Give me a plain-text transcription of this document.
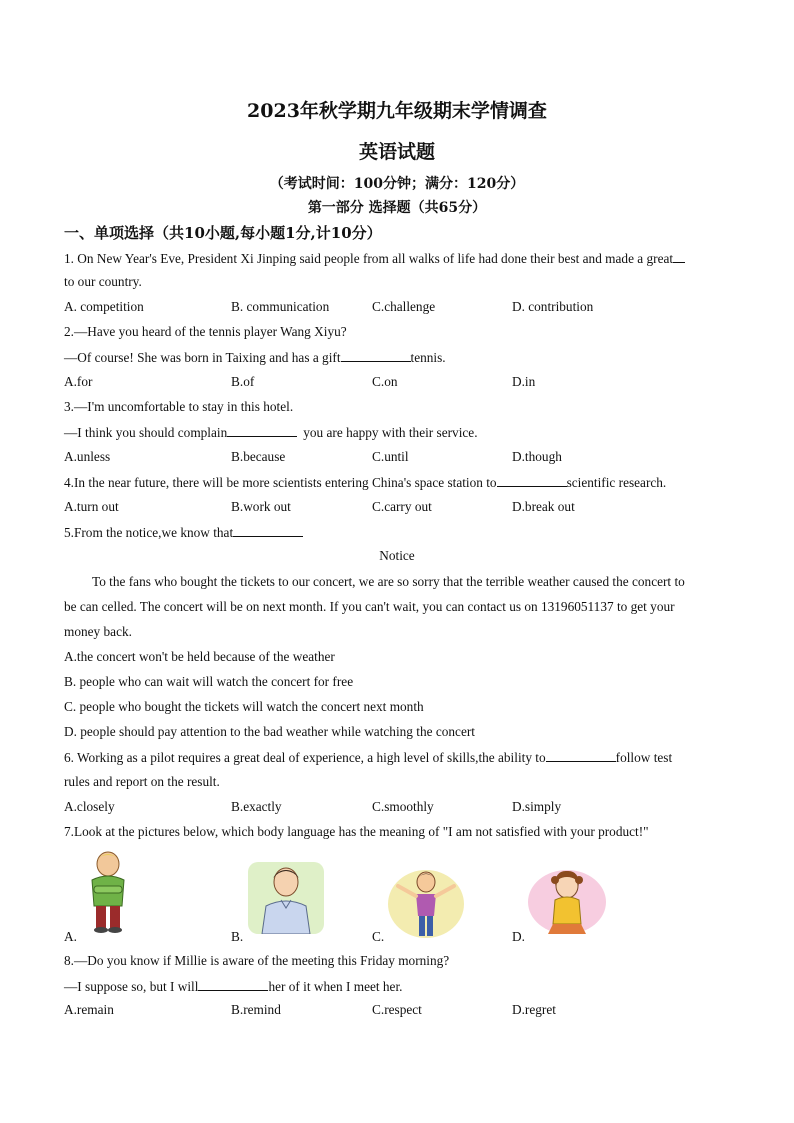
2023年秋学期九年级期末学情调查
英语试题
（考试时间：100分钟；满分：120分）
第一部分 选择题（共65分）
一、单项选择（共10小题,每小题1分,计10分）
1. On New Year's Eve, President Xi Jinping said people from all walks of life had done their best and made a great
to our country.
A. competition	B. communication	C.challenge	D. contribution
2.—Have you heard of the tennis player Wang Xiyu?
—Of course! She was born in Taixing and has a gift	tennis.
A.for	B.of	C.on	D.in
3.—I'm uncomfortable to stay in this hotel.
—I think you should complain	you are happy with their service.
A.unless	B.because	C.until	D.though
4.In the near future, there will be more scientists entering China's space station to	scientific research.
A.turn out	B.work out	C.carry out	D.break out
5.From the notice,we know that
Notice
To the fans who bought the tickets to our concert, we are so sorry that the terrible weather caused the concert to
be can celled. The concert will be on next month. If you can't wait, you can contact us on 13196051137 to get your
money back.
A.the concert won't be held because of the weather
B. people who can wait will watch the concert for free
C. people who bought the tickets will watch the concert next month
D. people should pay attention to the bad weather while watching the concert
6. Working as a pilot requires a great deal of experience, a high level of skills,the ability to	follow test
rules and report on the result.
A.closely	B.exactly	C.smoothly	D.simply
7.Look at the pictures below, which body language has the meaning of "I am not satisfied with your product!"
A.	B.	C.	D.
8.—Do you know if Millie is aware of the meeting this Friday morning?
—I suppose so, but I will	her of it when I meet her.
A.remain	B.remind	C.respect	D.regret
